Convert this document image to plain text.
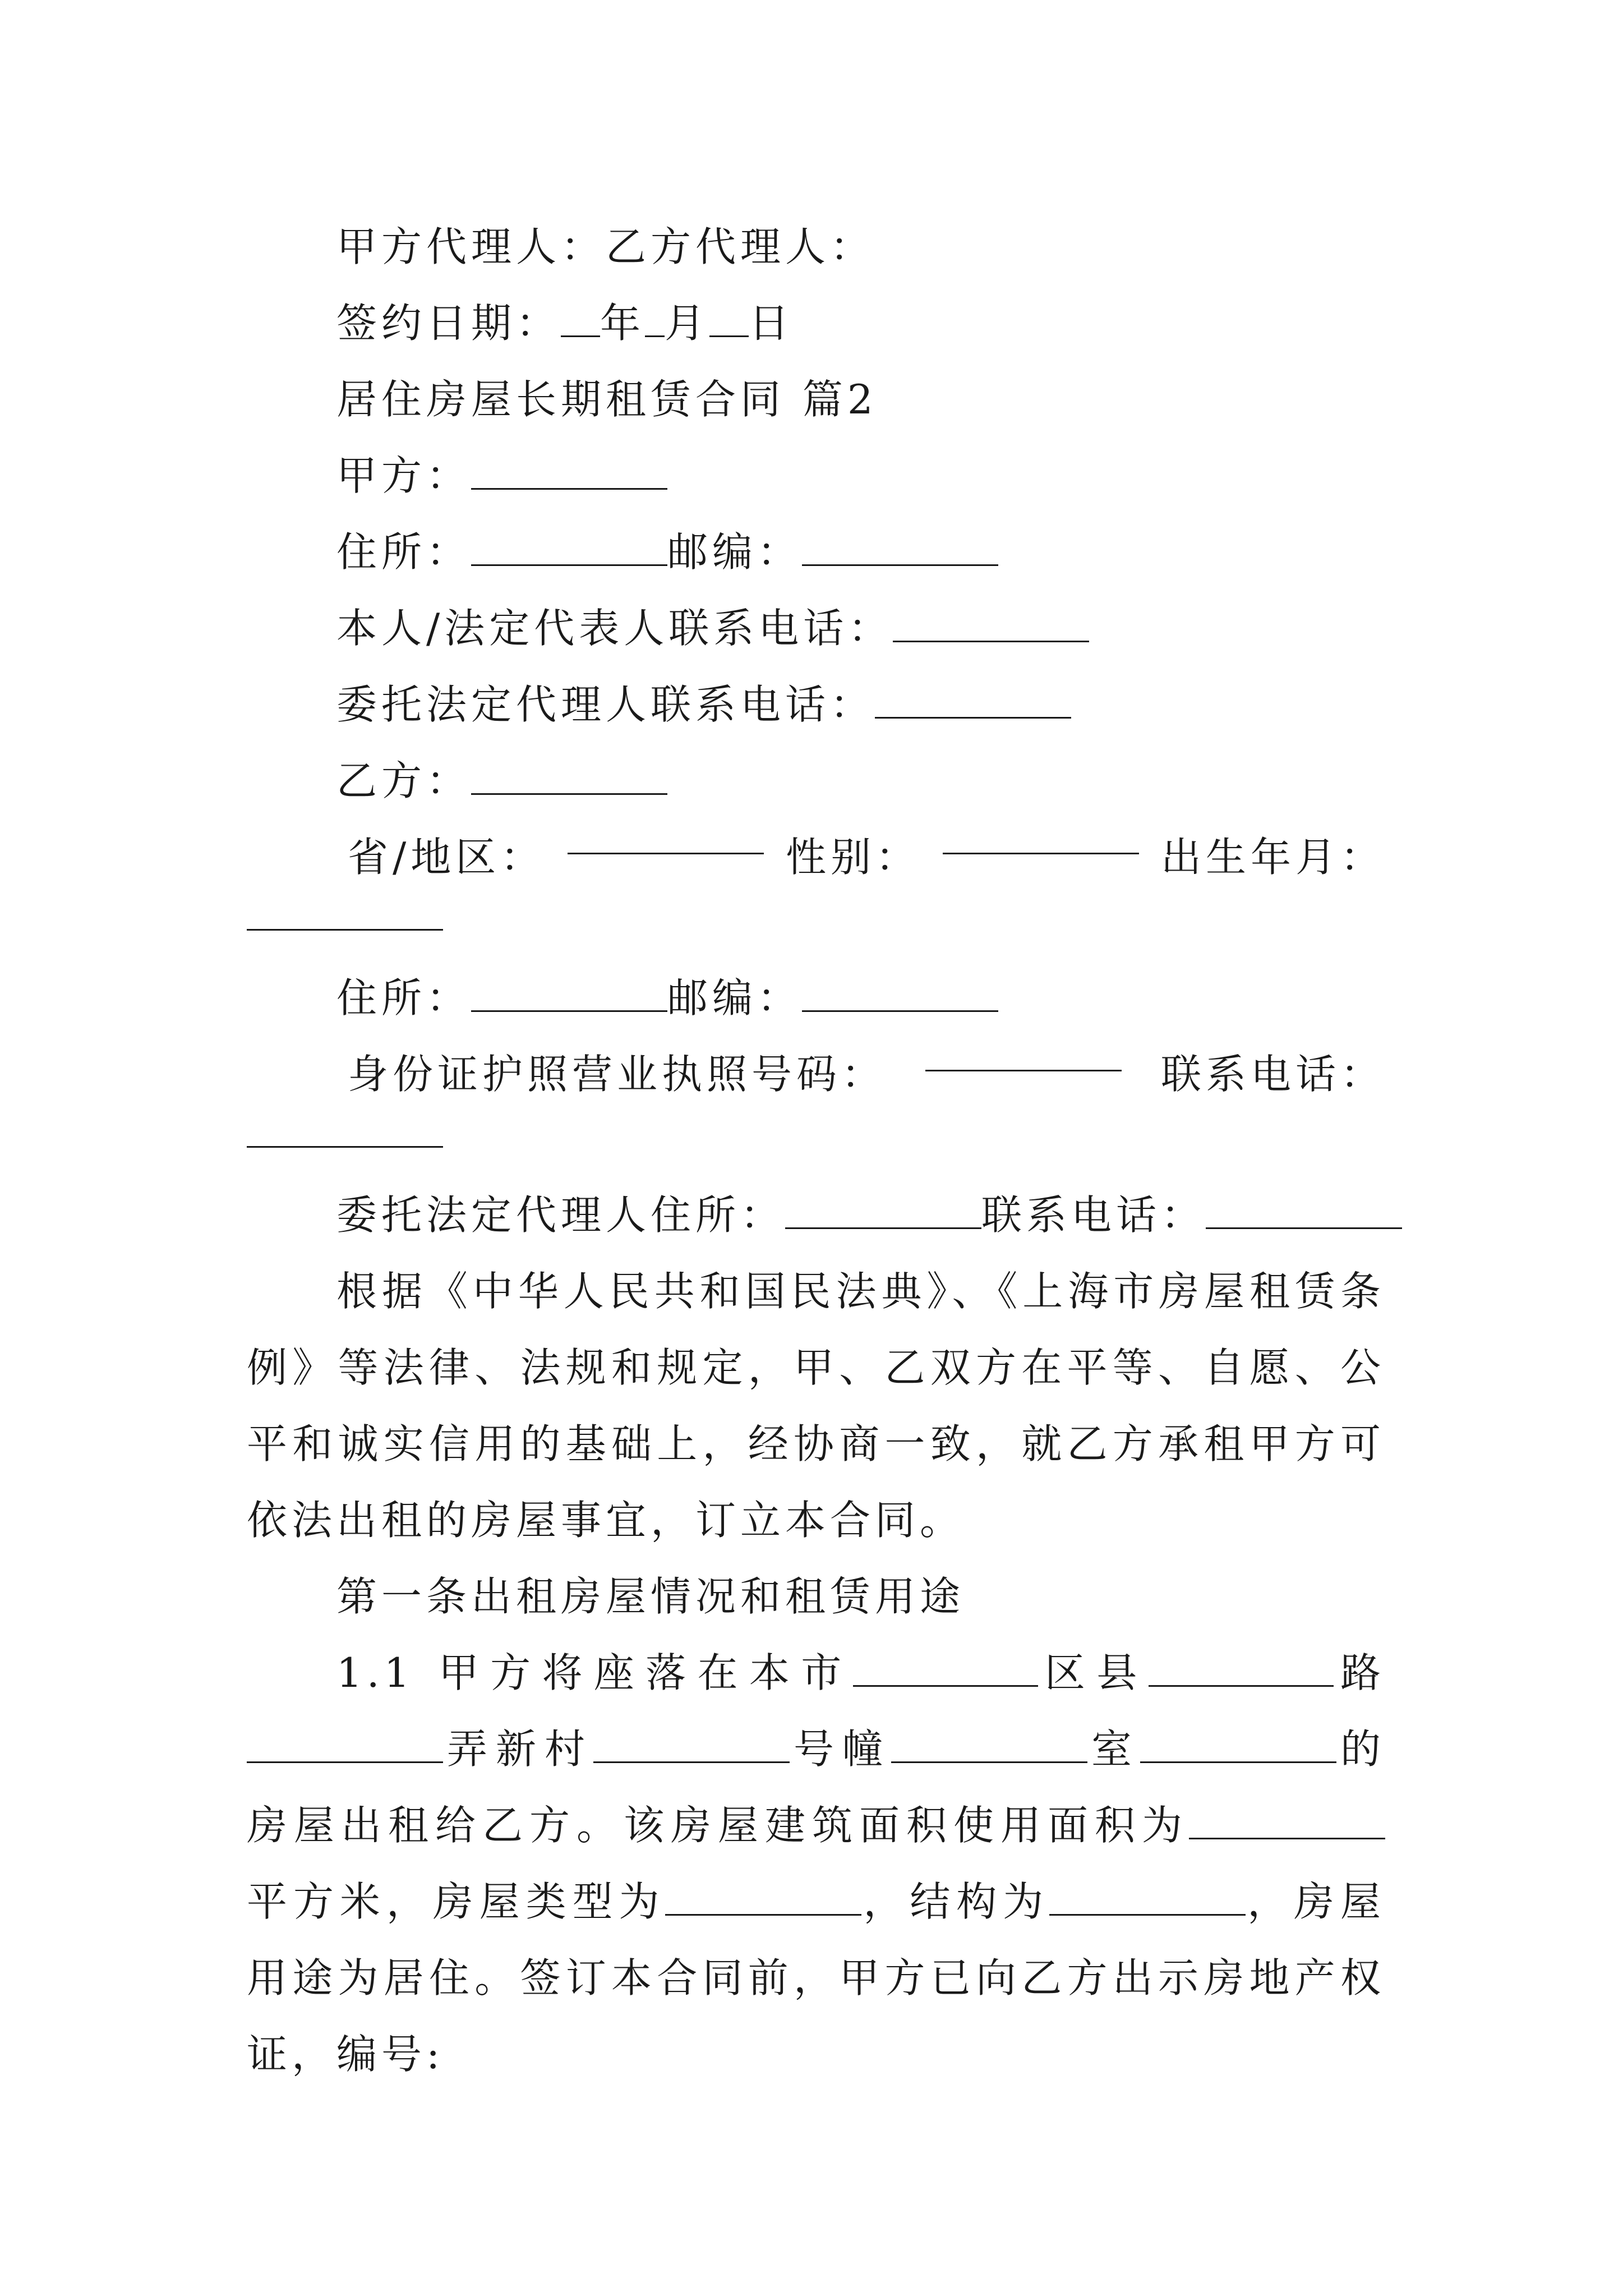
甲方代理人：乙方代理人：
签约日期： 年 月 日
居住房屋长期租赁合同 篇2
甲方：
住所：	邮编：
本人/法定代表人联系电话：
委托法定代理人联系电话：
乙方：
省/地区：	性别：	出生年月：
住所：	邮编：
身份证护照营业执照号码：	联系电话：
委托法定代理人住所：	联系电话：
根据《中华人民共和国民法典》、《上海市房屋租赁条例》等法律、法规和规定，甲、乙双方在平等、自愿、公平和诚实信用的基础上，经协商一致，就乙方承租甲方可依法出租的房屋事宜，订立本合同。
第一条出租房屋情况和租赁用途
1.1 甲方将座落在本市	区县	路弄新村	号幢	室	的房屋出租给乙方。该房屋建筑面积使用面积为平方米，房屋类型为	，结构为	，房屋用途为居住。签订本合同前，甲方已向乙方出示房地产权证，编号:
